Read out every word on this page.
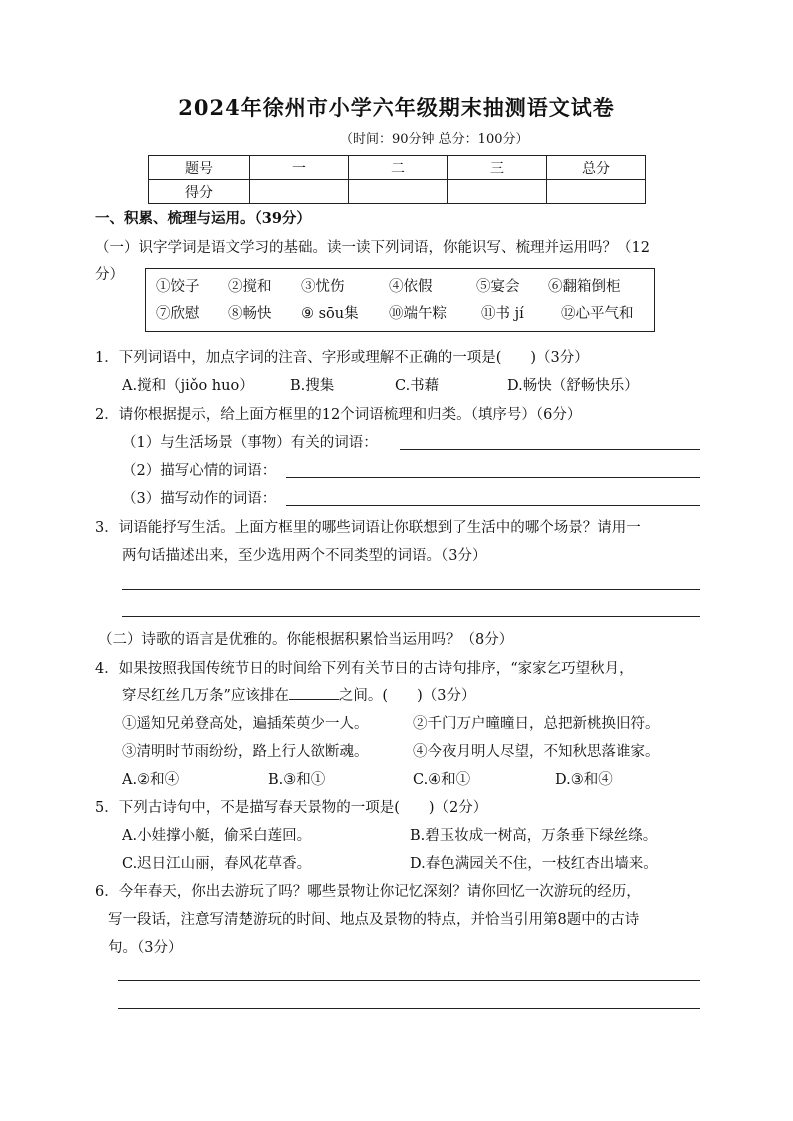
2024年徐州市小学六年级期末抽测语文试卷
（时间：90分钟 总分：100分）
题号	一	二	三	总分
得分				
一、积累、梳理与运用。（39分）
（一）识字学词是语文学习的基础。读一读下列词语，你能识写、梳理并运用吗？（12
分）
①饺子 ②搅和 ③忧伤	④依假	⑤宴会 ⑥翻箱倒柜
⑦欣慰 ⑧畅快 ⑨ sōu集 ⑩端午粽 ⑪书 jí	⑫心平气和
1．下列词语中，加点字词的注音、字形或理解不正确的一项是(　　)（3分）
A.搅和（jiǒo huo）	B.搜集	C.书藉	D.畅快（舒畅快乐）
2．请你根据提示，给上面方框里的12个词语梳理和归类。（填序号）（6分）
（1）与生活场景（事物）有关的词语：
（2）描写心情的词语：
（3）描写动作的词语：
3．词语能抒写生活。上面方框里的哪些词语让你联想到了生活中的哪个场景？请用一
两句话描述出来，至少选用两个不同类型的词语。（3分）
（二）诗歌的语言是优雅的。你能根据积累恰当运用吗？（8分）
4．如果按照我国传统节日的时间给下列有关节日的古诗句排序，“家家乞巧望秋月，
穿尽红丝几万条”应该排在	之间。(　　)（3分）
①遥知兄弟登高处，遍插茱萸少一人。	②千门万户曈曈日，总把新桃换旧符。
③清明时节雨纷纷，路上行人欲断魂。	④今夜月明人尽望，不知秋思落谁家。
A.②和④	B.③和①	C.④和①	D.③和④
5．下列古诗句中，不是描写春天景物的一项是(　　)（2分）
A.小娃撑小艇，偷采白莲回。	B.碧玉妆成一树高，万条垂下绿丝绦。
C.迟日江山丽，春风花草香。	D.春色满园关不住，一枝红杏出墙来。
6．今年春天，你出去游玩了吗？哪些景物让你记忆深刻？请你回忆一次游玩的经历，
写一段话，注意写清楚游玩的时间、地点及景物的特点，并恰当引用第8题中的古诗
句。（3分）
